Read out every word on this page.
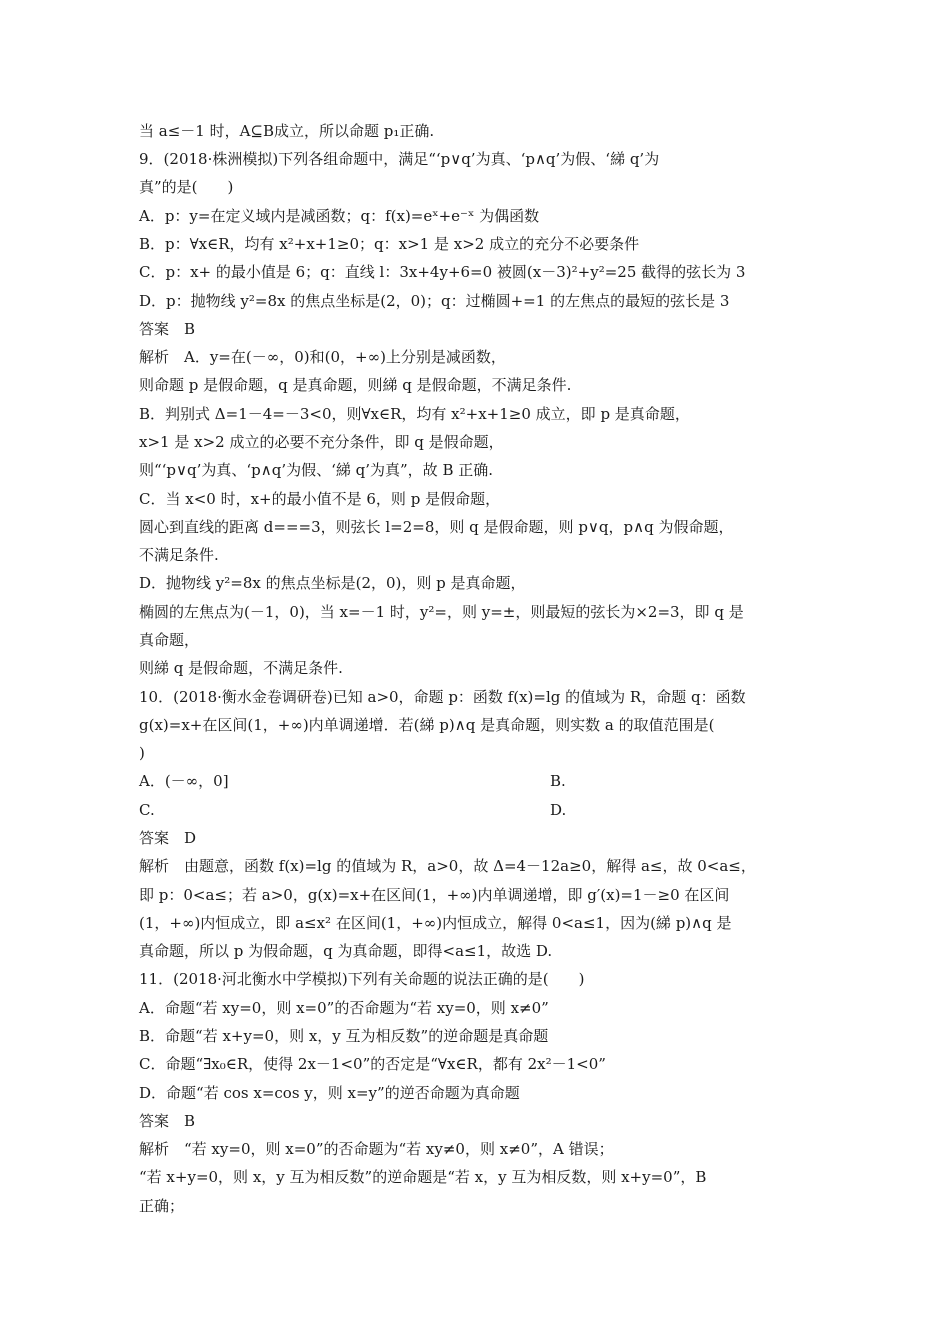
当 a≤－1 时，A⊆B成立，所以命题 p₁正确.
9．(2018·株洲模拟)下列各组命题中，满足“‘p∨q’为真、‘p∧q’为假、‘綈 q’为
真”的是(　　)
A．p：y=在定义域内是减函数；q：f(x)=eˣ+e⁻ˣ 为偶函数
B．p：∀x∈R，均有 x²+x+1≥0；q：x>1 是 x>2 成立的充分不必要条件
C．p：x+ 的最小值是 6；q：直线 l：3x+4y+6=0 被圆(x－3)²+y²=25 截得的弦长为 3
D．p：抛物线 y²=8x 的焦点坐标是(2，0)；q：过椭圆+=1 的左焦点的最短的弦长是 3
答案　B
解析　A．y=在(－∞，0)和(0，+∞)上分别是减函数，
则命题 p 是假命题，q 是真命题，则綈 q 是假命题，不满足条件.
B．判别式 Δ=1－4=－3<0，则∀x∈R，均有 x²+x+1≥0 成立，即 p 是真命题，
x>1 是 x>2 成立的必要不充分条件，即 q 是假命题，
则“‘p∨q’为真、‘p∧q’为假、‘綈 q’为真”，故 B 正确.
C．当 x<0 时，x+的最小值不是 6，则 p 是假命题，
圆心到直线的距离 d===3，则弦长 l=2=8，则 q 是假命题，则 p∨q，p∧q 为假命题，
不满足条件.
D．抛物线 y²=8x 的焦点坐标是(2，0)，则 p 是真命题，
椭圆的左焦点为(－1，0)，当 x=－1 时，y²=，则 y=±，则最短的弦长为×2=3，即 q 是
真命题，
则綈 q 是假命题，不满足条件.
10．(2018·衡水金卷调研卷)已知 a>0，命题 p：函数 f(x)=lg 的值域为 R，命题 q：函数
g(x)=x+在区间(1，+∞)内单调递增．若(綈 p)∧q 是真命题，则实数 a 的取值范围是(
)
A．(－∞，0]	B.
C.	D.
答案　D
解析　由题意，函数 f(x)=lg 的值域为 R，a>0，故 Δ=4－12a≥0，解得 a≤，故 0<a≤，
即 p：0<a≤；若 a>0，g(x)=x+在区间(1，+∞)内单调递增，即 g′(x)=1－≥0 在区间
(1，+∞)内恒成立，即 a≤x² 在区间(1，+∞)内恒成立，解得 0<a≤1，因为(綈 p)∧q 是
真命题，所以 p 为假命题，q 为真命题，即得<a≤1，故选 D.
11．(2018·河北衡水中学模拟)下列有关命题的说法正确的是(　　)
A．命题“若 xy=0，则 x=0”的否命题为“若 xy=0，则 x≠0”
B．命题“若 x+y=0，则 x，y 互为相反数”的逆命题是真命题
C．命题“∃x₀∈R，使得 2x－1<0”的否定是“∀x∈R，都有 2x²－1<0”
D．命题“若 cos x=cos y，则 x=y”的逆否命题为真命题
答案　B
解析　“若 xy=0，则 x=0”的否命题为“若 xy≠0，则 x≠0”，A 错误；
“若 x+y=0，则 x，y 互为相反数”的逆命题是“若 x，y 互为相反数，则 x+y=0”，B
正确；
